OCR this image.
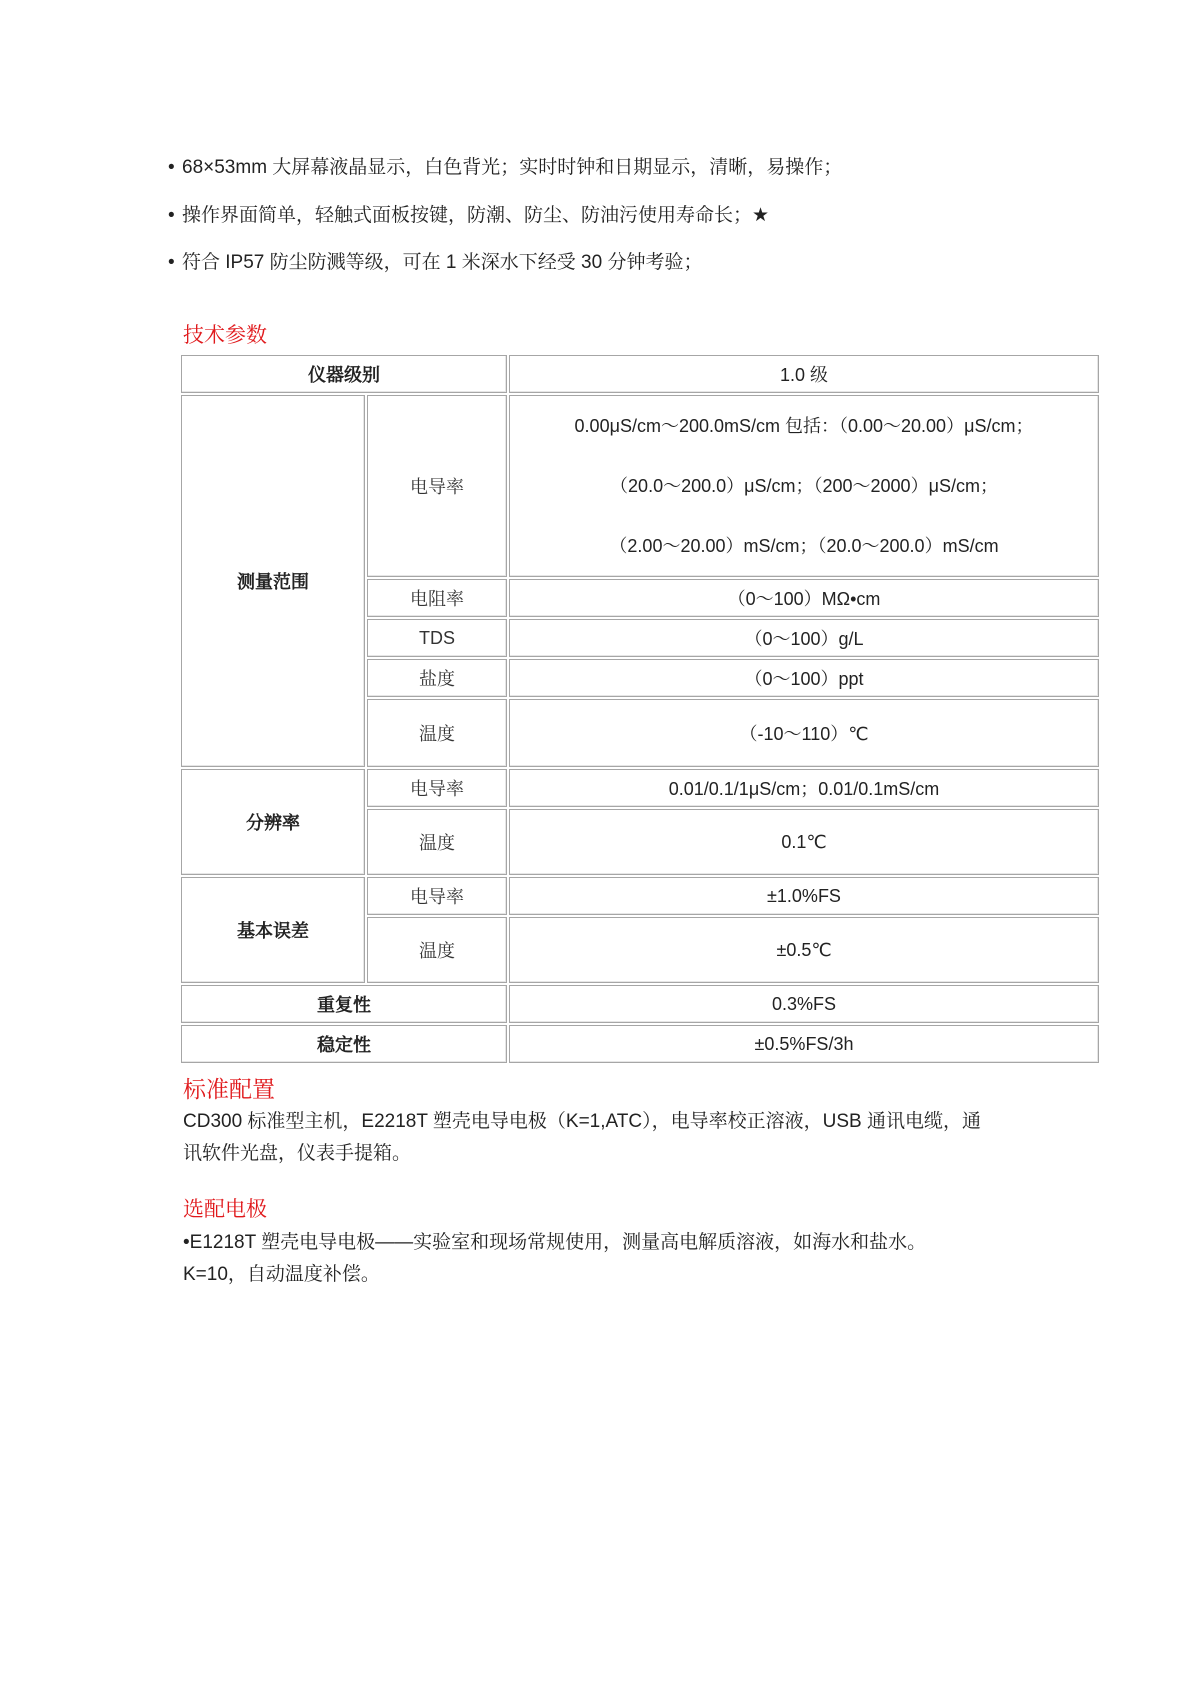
• 68×53mm 大屏幕液晶显示，白色背光；实时时钟和日期显示，清晰，易操作；
• 操作界面简单，轻触式面板按键，防潮、防尘、防油污使用寿命长；★
• 符合 IP57 防尘防溅等级，可在 1 米深水下经受 30 分钟考验；
技术参数
仪器级别		1.0 级
测量范围	电导率	0.00μS/cm～200.0mS/cm 包括：（0.00～20.00）μS/cm；
（20.0～200.0）μS/cm；（200～2000）μS/cm；
（2.00～20.00）mS/cm；（20.0～200.0）mS/cm

	电阻率	（0～100）MΩ•cm
	TDS	（0～100）g/L
	盐度	（0～100）ppt
	温度	（-10～110）℃
分辨率	电导率	0.01/0.1/1μS/cm；0.01/0.1mS/cm
	温度	0.1℃
基本误差	电导率	±1.0%FS
	温度	±0.5℃
重复性		0.3%FS
稳定性		±0.5%FS/3h
标准配置
CD300 标准型主机，E2218T 塑壳电导电极（K=1,ATC），电导率校正溶液，USB 通讯电缆，通
讯软件光盘，仪表手提箱。
选配电极
•E1218T 塑壳电导电极——实验室和现场常规使用，测量高电解质溶液，如海水和盐水。
K=10，自动温度补偿。
